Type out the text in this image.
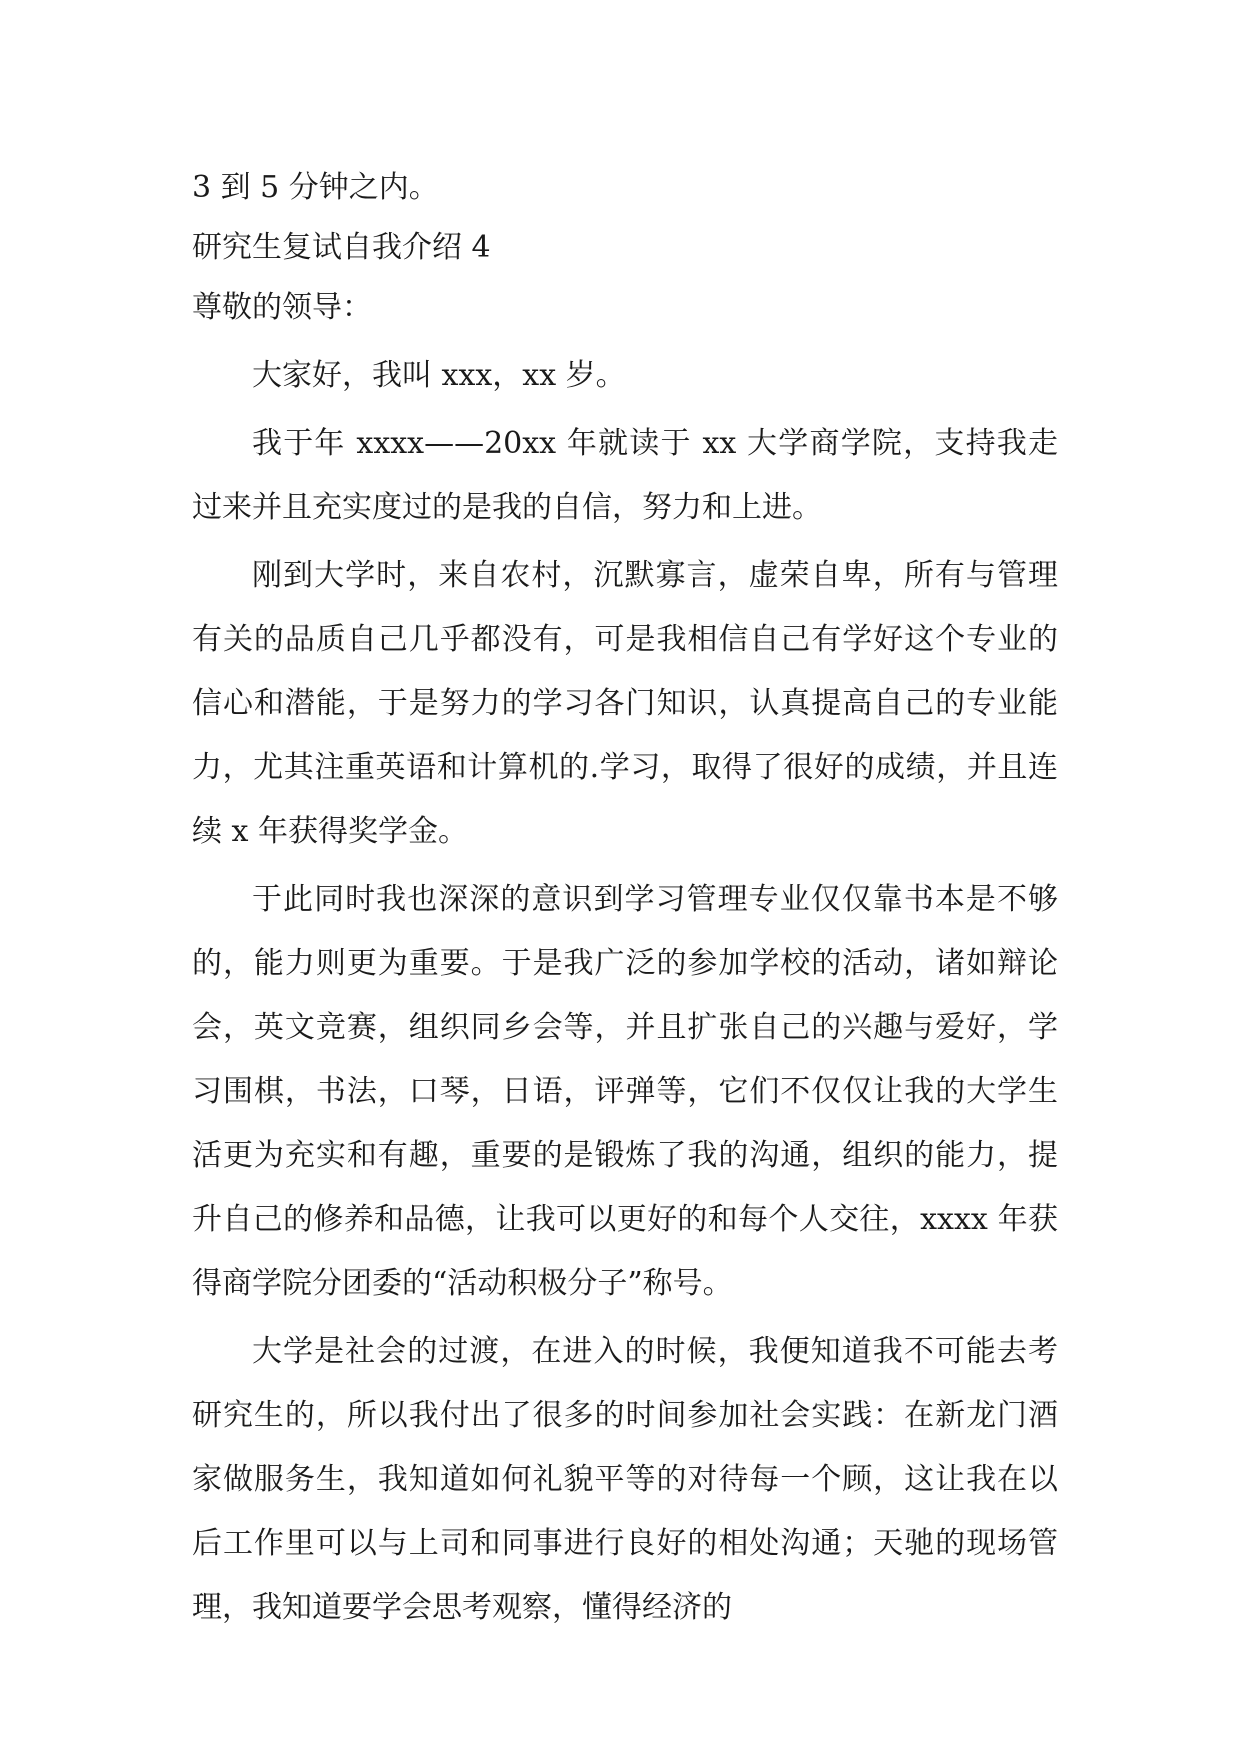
3 到 5 分钟之内。

研究生复试自我介绍 4

尊敬的领导：

大家好，我叫 xxx，xx 岁。

我于年 xxxx——20xx 年就读于 xx 大学商学院，支持我走过来并且充实度过的是我的自信，努力和上进。

刚到大学时，来自农村，沉默寡言，虚荣自卑，所有与管理有关的品质自己几乎都没有，可是我相信自己有学好这个专业的信心和潜能，于是努力的学习各门知识，认真提高自己的专业能力，尤其注重英语和计算机的.学习，取得了很好的成绩，并且连续 x 年获得奖学金。

于此同时我也深深的意识到学习管理专业仅仅靠书本是不够的，能力则更为重要。于是我广泛的参加学校的活动，诸如辩论会，英文竞赛，组织同乡会等，并且扩张自己的兴趣与爱好，学习围棋，书法，口琴，日语，评弹等，它们不仅仅让我的大学生活更为充实和有趣，重要的是锻炼了我的沟通，组织的能力，提升自己的修养和品德，让我可以更好的和每个人交往，xxxx 年获得商学院分团委的“活动积极分子”称号。

大学是社会的过渡，在进入的时候，我便知道我不可能去考研究生的，所以我付出了很多的时间参加社会实践：在新龙门酒家做服务生，我知道如何礼貌平等的对待每一个顾，这让我在以后工作里可以与上司和同事进行良好的相处沟通；天驰的现场管理，我知道要学会思考观察，懂得经济的
